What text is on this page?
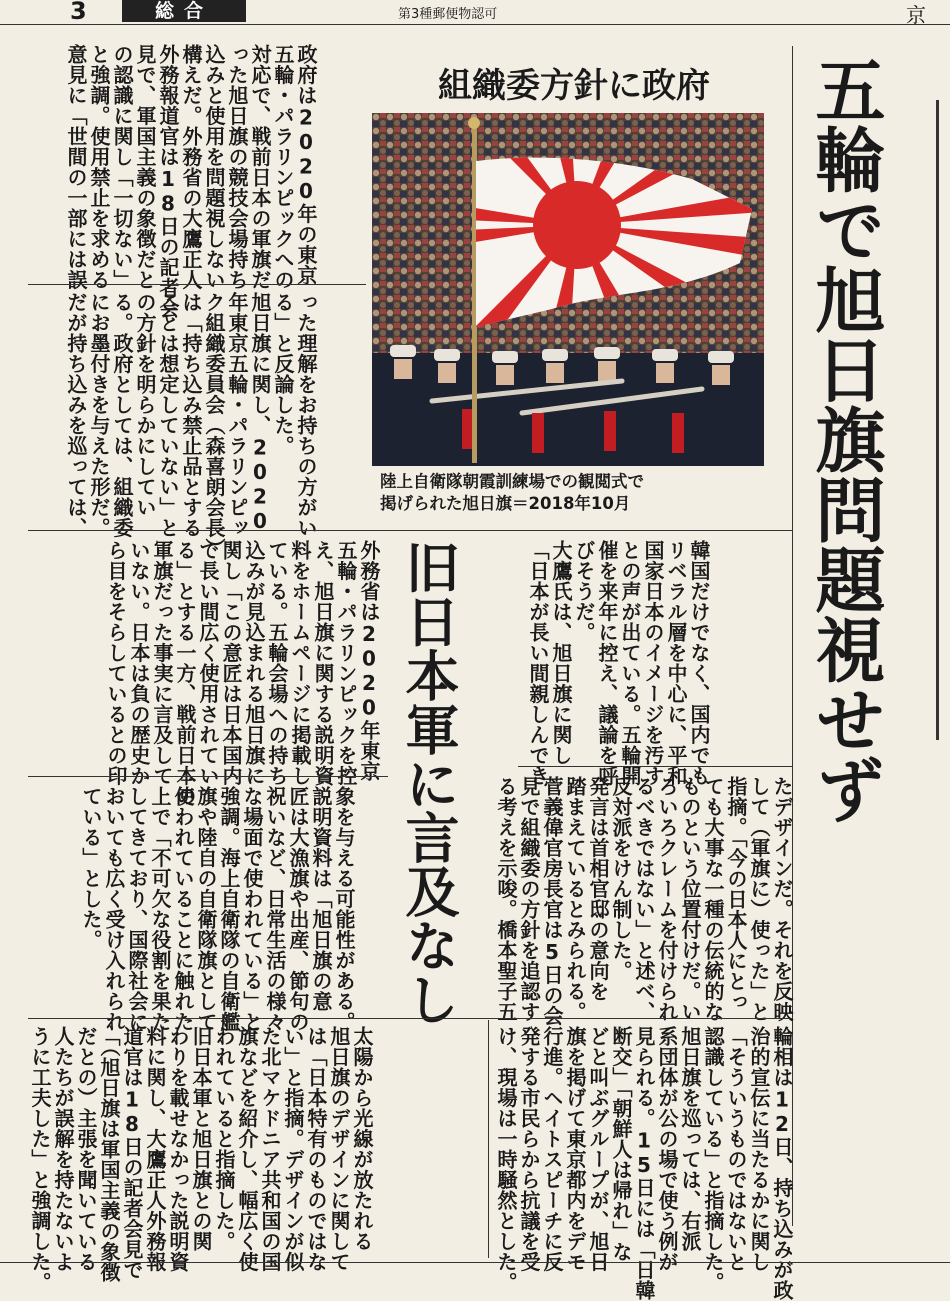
3	総合	第3種郵便物認可	京
五輪で旭日旗問題視せず
組織委方針に政府
旧日本軍に言及なし
陸上自衛隊朝霞訓練場での観閲式で
掲げられた旭日旗＝2018年10月

政府は2020年の東京

五輪・パラリンピックへの

対応で、戦前日本の軍旗だ

った旭日旗の競技会場持ち

込みと使用を問題視しない

構えだ。外務省の大鷹正人

外務報道官は18日の記者会

見で、軍国主義の象徴だと

の認識に関し「一切ない」

と強調。使用禁止を求める

意見に「世間の一部には誤

った理解をお持ちの方がい

る」と反論した。

旭日旗に関し、2020

年東京五輪・パラリンピッ

ク組織委員会（森喜朗会長）

は「持ち込み禁止品とする

ことは想定していない」と

の方針を明らかにしてい

る。政府としては、組織委

にお墨付きを与えた形だ。

だが持ち込みを巡っては、

外務省は2020年東京

五輪・パラリンピックを控

え、旭日旗に関する説明資

料をホームページに掲載し

ている。五輪会場への持ち

込みが見込まれる旭日旗に

関し「この意匠は日本国内

で長い間広く使用されてい

る」とする一方、戦前日本の

軍旗だった事実に言及して

いない。日本は負の歴史か

ら目をそらしているとの印	韓国だけでなく、国内でも

リベラル層を中心に、平和

国家日本のイメージを汚す

との声が出ている。五輪開

催を来年に控え、議論を呼

びそうだ。

大鷹氏は、旭日旗に関し

「日本が長い間親しんでき

象を与える可能性がある。

説明資料は「旭日旗の意

匠は大漁旗や出産、節句の

祝いなど、日常生活の様々

な場面で使われている」と

強調。海上自衛隊の自衛艦

旗や陸自の自衛隊旗として

使われていることに触れた

上で「不可欠な役割を果た

してきており、国際社会に

おいても広く受け入れられ

ている」とした。	たデザインだ。それを反映

して（軍旗に）使った」と

指摘。「今の日本人にとっ

ても大事な一種の伝統的な

ものという位置付けだ。い

ろいろクレームを付けられ

るべきではない」と述べ、

反対派をけん制した。

発言は首相官邸の意向を

踏まえているとみられる。

菅義偉官房長官は5日の会

見で組織委の方針を追認す

る考えを示唆。橋本聖子五

太陽から光線が放たれる

旭日旗のデザインに関して

は「日本特有のものではな

い」と指摘。デザインが似

た北マケドニア共和国の国

旗などを紹介し、幅広く使

われていると指摘した。

旧日本軍と旭日旗との関

わりを載せなかった説明資

料に関し、大鷹正人外務報

道官は18日の記者会見で

「（旭日旗は軍国主義の象徴

だとの）主張を聞いている

人たちが誤解を持たないよ

うに工夫した」と強調した。	輪相は12日、持ち込みが政

治的宣伝に当たるかに関し

「そういうものではないと

認識している」と指摘した。

旭日旗を巡っては、右派

系団体が公の場で使う例が

見られる。15日には「日韓

断交」「朝鮮人は帰れ」な

どと叫ぶグループが、旭日

旗を掲げて東京都内をデモ

行進。ヘイトスピーチに反

発する市民らから抗議を受

け、現場は一時騒然とした。
